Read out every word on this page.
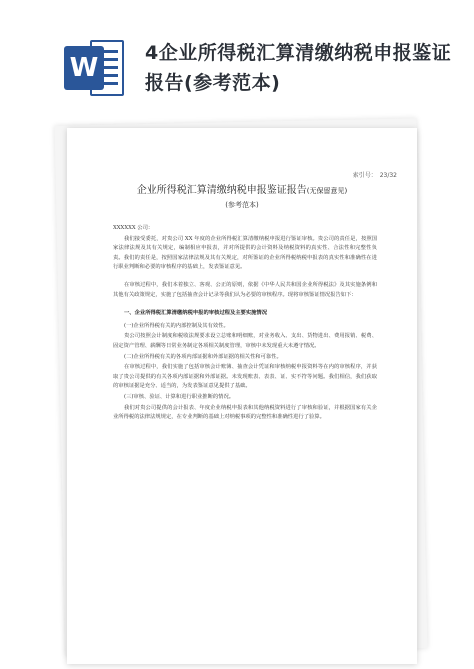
W 4企业所得税汇算清缴纳税申报鉴证报告(参考范本)
索引号：　23/32
企业所得税汇算清缴纳税申报鉴证报告(无保留意见)
(参考范本)

XXXXXX 公司：

我们接受委托，对贵公司 XX 年度的企业所得税汇算清缴纳税申报进行鉴证审核。贵公司的责任是，按照国家法律法规及其有关规定，编制相应申报表，并对所提供的会计资料及纳税资料的真实性、合法性和完整性负责。我们的责任是，按照国家法律法规及其有关规定，对所鉴证的企业所得税纳税申报表的真实性和准确性在进行职业判断和必要的审核程序的基础上，发表鉴证意见。

在审核过程中，我们本着独立、客观、公正的原则，依据《中华人民共和国企业所得税法》及其实施条例和其他有关政策规定，实施了包括抽查会计记录等我们认为必要的审核程序。现将审核鉴证情况报告如下：

一、企业所得税汇算清缴纳税申报的审核过程及主要实施情况

(一)企业所得税有关的内部控制及其有效性。

贵公司按照会计制度和税收法规要求设立总账和明细账，对业务收入、支出、货物进出、费用报销、税费、固定资产管理、薪酬等日常业务制定各项相关制度管理，审核中未发现重大未遵守情况。

(二)企业所得税有关的各项内部证据和外部证据的相关性和可靠性。

在审核过程中，我们实施了包括审核会计账簿、抽查会计凭证和审核纳税申报资料等在内的审核程序，并获取了贵公司提供的有关各项内部证据和外部证据。未发现账表、表表、证、实不符等问题。我们相信，我们获取的审核证据是充分、适当的，为发表鉴证意见提供了基础。

(三)审核、验证、计算和进行职业推断的情况。

我们对贵公司提供的会计报表、年度企业纳税申报表和其他纳税资料进行了审核和验证，并根据国家有关企业所得税的法律法规规定，在专业判断的基础上对纳税事项的完整性和准确性进行了验算。
